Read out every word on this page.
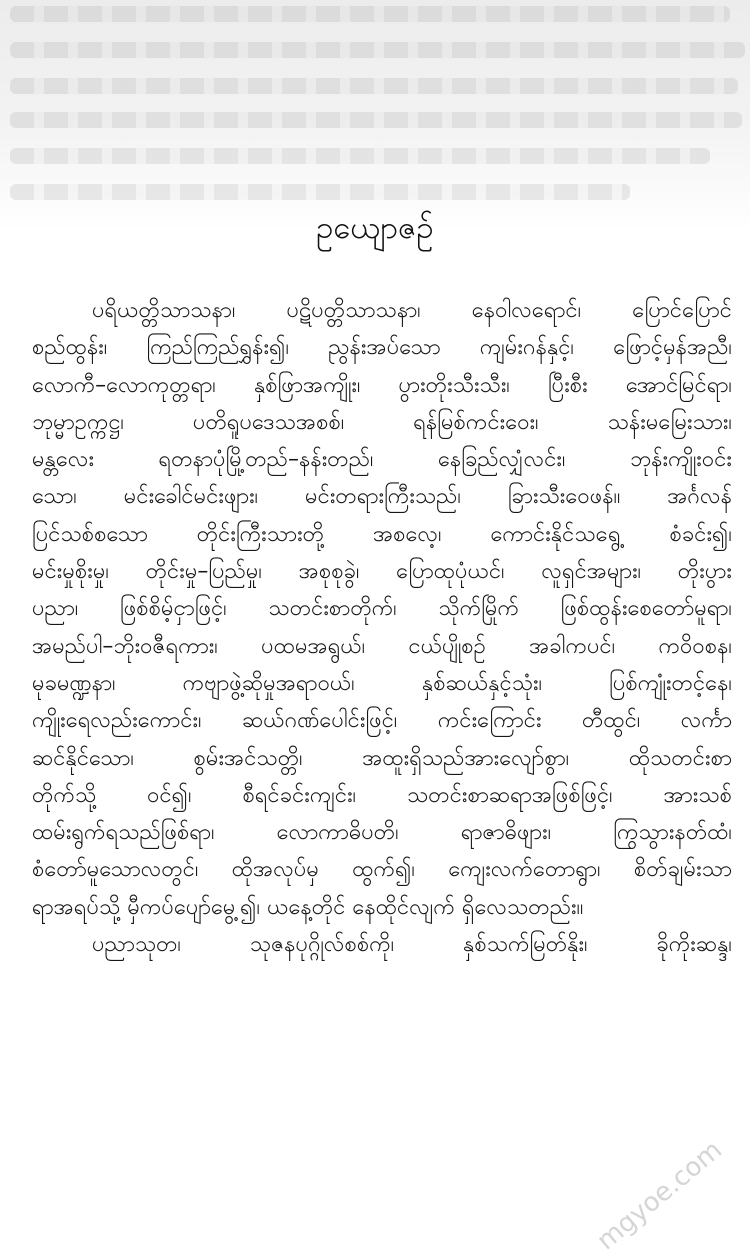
ဥယျောဇဉ်
ပရိယတ္တိသာသနာ၊ ပဋိပတ္တိသာသနာ၊ နေဝါလရောင်၊ ပြောင်ပြောင်
စည်ထွန်း၊ ကြည်ကြည်ရွှန်း၍၊ ညွန်းအပ်သော ကျမ်းဂန်နှင့်၊ ဖြောင့်မှန်အညီ၊
လောကီ–လောကုတ္တရာ၊ နှစ်ဖြာအကျိုး၊ ပွားတိုးသီးသီး၊ ပြီးစီး အောင်မြင်ရာ၊
ဘုမ္မာဥက္ကဋ္ဌ၊ ပတိရူပဒေသအစစ်၊ ရန်မြစ်ကင်းဝေး၊ သန်းမမြေးသား၊
မန္တလေး ရတနာပုံမြို့တည်–နန်းတည်၊ နေခြည်လျှံလင်း၊ ဘုန်းကျိုးဝင်း
သော၊ မင်းခေါင်မင်းဖျား၊ မင်းတရားကြီးသည်၊ ခြားသီးဝေဖန်။ အင်္ဂလန်
ပြင်သစ်စသော တိုင်းကြီးသားတို့ အစလေ့၊ ကောင်းနိုင်သရွေ့ စံခင်း၍၊
မင်းမှုစိုးမှု၊ တိုင်းမှု–ပြည်မှု၊ အစုစုခွဲ၊ ပြောထုပုံယင်၊ လူရှင်အများ၊ တိုးပွား
ပညာ၊ ဖြစ်စိမ့်ငှာဖြင့်၊ သတင်းစာတိုက်၊ သိုက်မြိုက် ဖြစ်ထွန်းစေတော်မူရာ၊
အမည်ပါ–ဘိုးဝဇီရကား၊ ပထမအရွယ်၊ ငယ်ပျိုစဉ် အခါကပင်၊ ကဝိဝစန၊
မုခမဏ္ဍနာ၊ ကဗျာဖွဲ့ဆိုမှုအရာဝယ်၊ နှစ်ဆယ်နှင့်သုံး၊ ပြစ်ကျုံးတင့်နေ၊
ကျိုးရေလည်းကောင်း၊ ဆယ်ဂဏ်ပေါင်းဖြင့်၊ ကင်းကြောင်း တီထွင်၊ လင်္ကာ
ဆင်နိုင်သော၊ စွမ်းအင်သတ္တိ၊ အထူးရှိသည်အားလျော်စွာ၊ ထိုသတင်းစာ
တိုက်သို့ ဝင်၍၊ စီရင်ခင်းကျင်း၊ သတင်းစာဆရာအဖြစ်ဖြင့်၊ အားသစ်
ထမ်းရွက်ရသည်ဖြစ်ရာ၊ လောကာဓိပတိ၊ ရာဇာဓိဖျား၊ ကြွသွားနတ်ထံ၊
စံတော်မူသောလတွင်၊ ထိုအလုပ်မှ ထွက်၍၊ ကျေးလက်တောရွာ၊ စိတ်ချမ်းသာ
ရာအရပ်သို့ မှီကပ်ပျော်မွေ့၍၊ ယနေ့တိုင် နေထိုင်လျက် ရှိလေသတည်း။
ပညာသုတ၊ သုဇနပုဂ္ဂိုလ်စစ်ကို၊ နှစ်သက်မြတ်နိုး၊ ခိုကိုးဆန္ဒ၊
mgyoe.com
